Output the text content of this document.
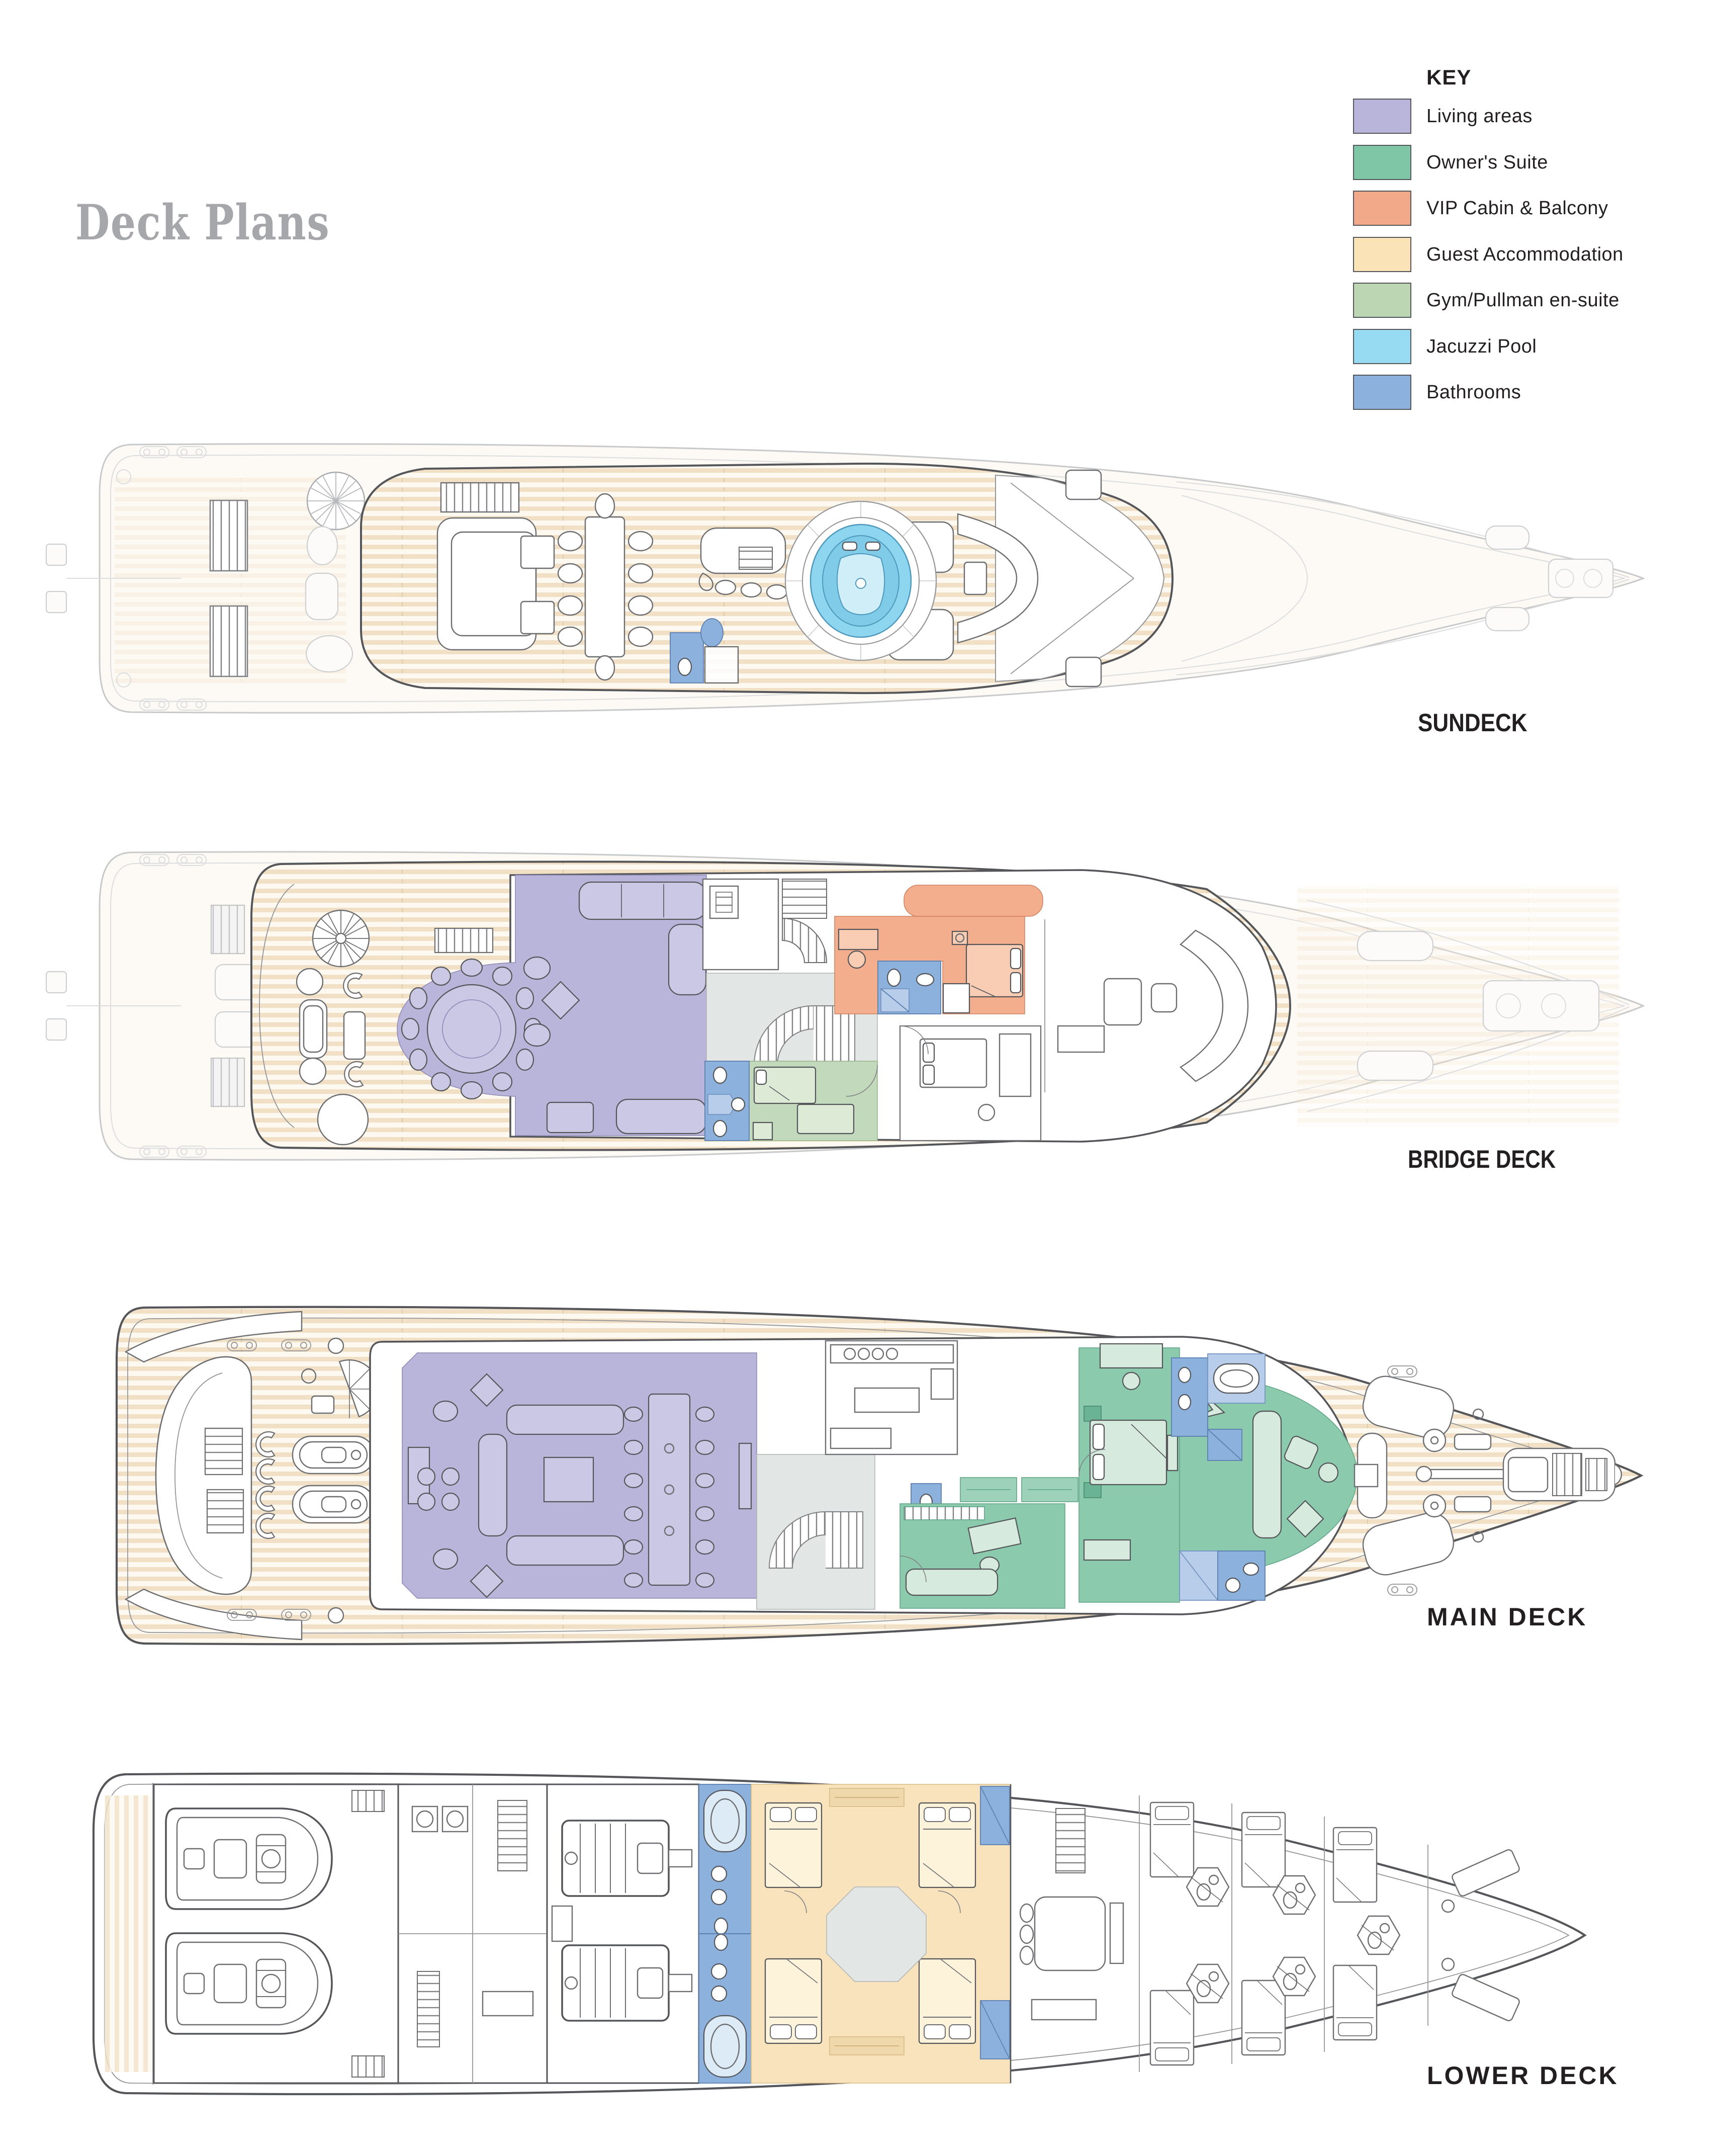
Deck Plans
KEY
Living areas
Owner's Suite
VIP Cabin & Balcony
Guest Accommodation
Gym/Pullman en-suite
Jacuzzi Pool
Bathrooms
SUNDECK
BRIDGE DECK
MAIN DECK
LOWER DECK
